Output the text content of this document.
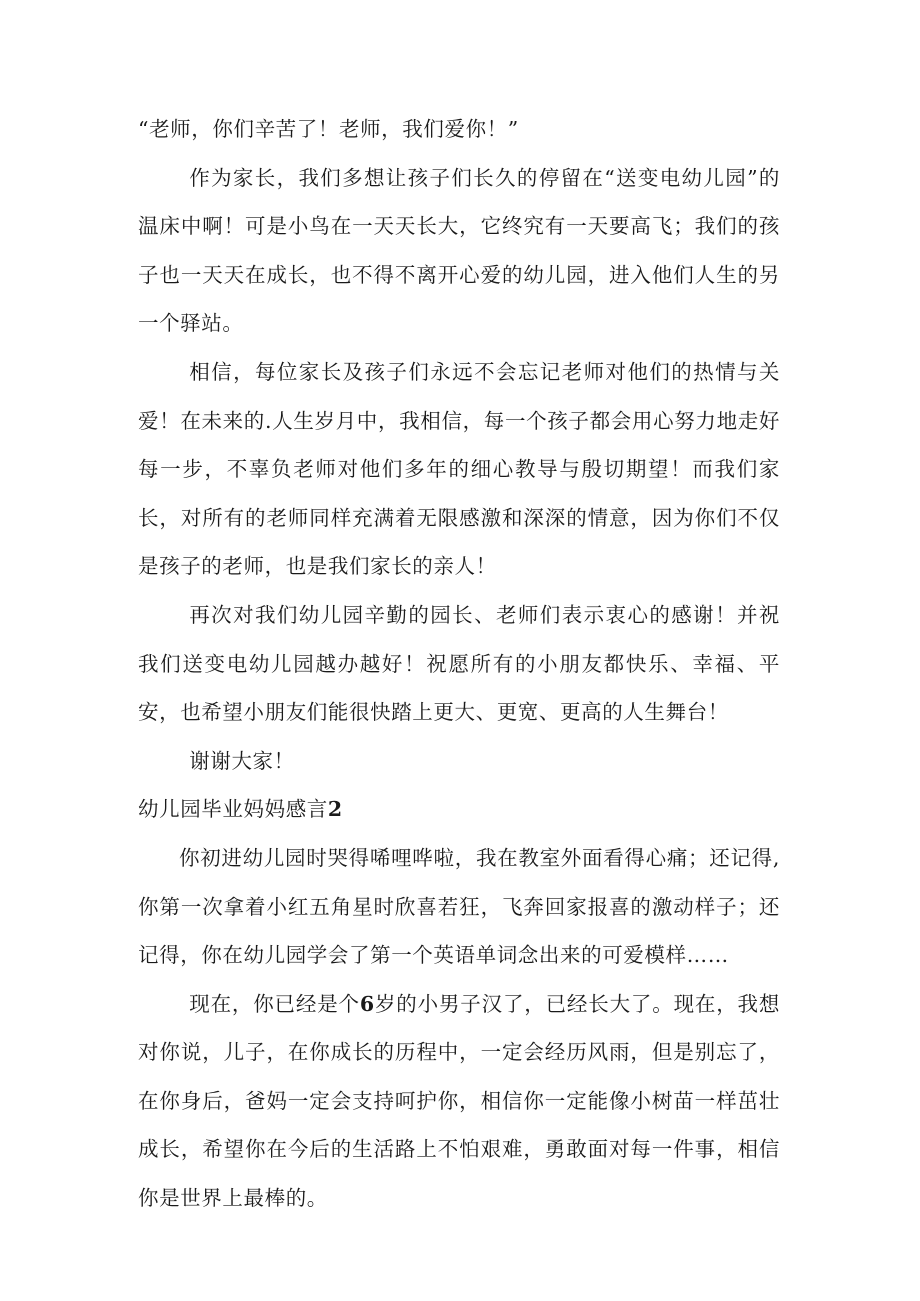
“老师，你们辛苦了！老师，我们爱你！”

作为家长，我们多想让孩子们长久的停留在“送变电幼儿园”的温床中啊！可是小鸟在一天天长大，它终究有一天要高飞；我们的孩子也一天天在成长，也不得不离开心爱的幼儿园，进入他们人生的另一个驿站。

相信，每位家长及孩子们永远不会忘记老师对他们的热情与关爱！在未来的.人生岁月中，我相信，每一个孩子都会用心努力地走好每一步，不辜负老师对他们多年的细心教导与殷切期望！而我们家长，对所有的老师同样充满着无限感激和深深的情意，因为你们不仅是孩子的老师，也是我们家长的亲人！

再次对我们幼儿园辛勤的园长、老师们表示衷心的感谢！并祝我们送变电幼儿园越办越好！祝愿所有的小朋友都快乐、幸福、平安，也希望小朋友们能很快踏上更大、更宽、更高的人生舞台！

谢谢大家！

幼儿园毕业妈妈感言2

你初进幼儿园时哭得唏哩哗啦，我在教室外面看得心痛；还记得,你第一次拿着小红五角星时欣喜若狂，飞奔回家报喜的激动样子；还记得，你在幼儿园学会了第一个英语单词念出来的可爱模样……

现在，你已经是个6岁的小男子汉了，已经长大了。现在，我想对你说，儿子，在你成长的历程中，一定会经历风雨，但是别忘了，在你身后，爸妈一定会支持呵护你，相信你一定能像小树苗一样茁壮成长，希望你在今后的生活路上不怕艰难，勇敢面对每一件事，相信你是世界上最棒的。
